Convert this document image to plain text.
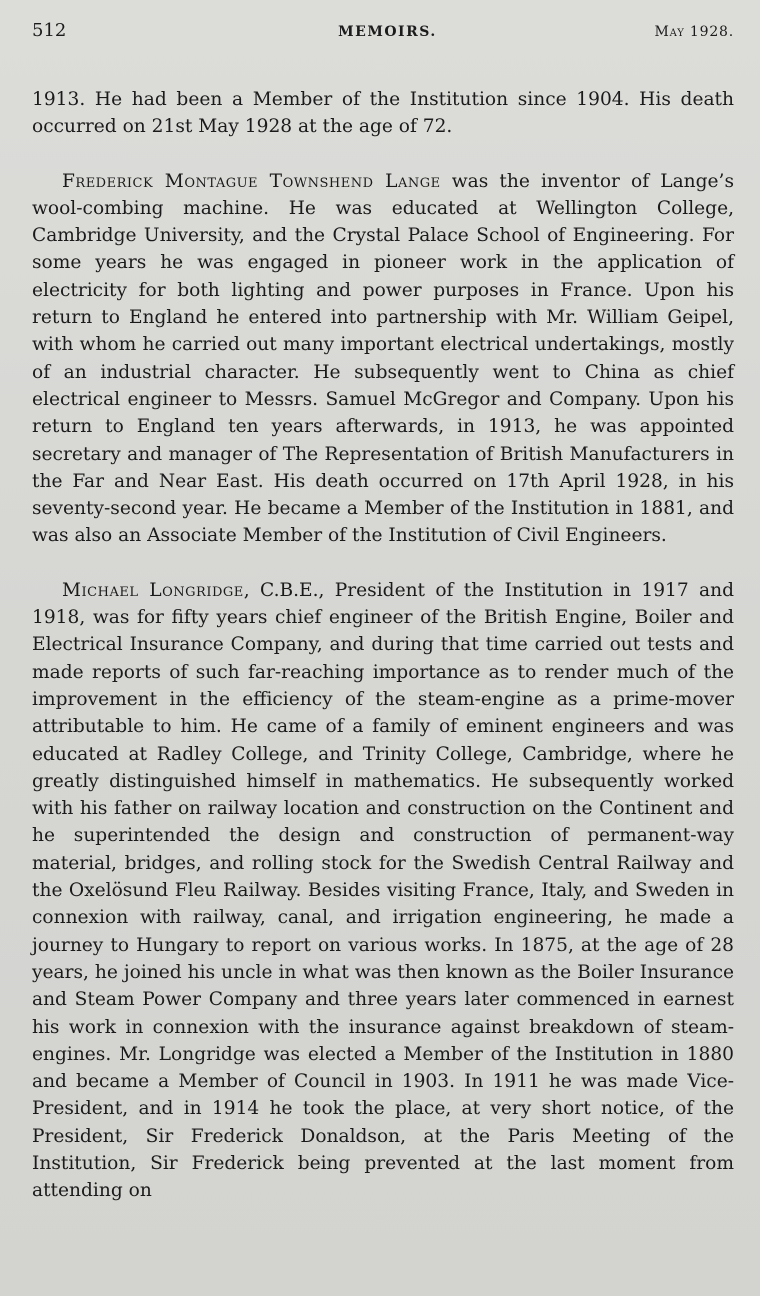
512	MEMOIRS.	May 1928.

1913. He had been a Member of the Institution since 1904. His death occurred on 21st May 1928 at the age of 72.

Frederick Montague Townshend Lange was the inventor of Lange’s wool-combing machine. He was educated at Wellington College, Cambridge University, and the Crystal Palace School of Engineering. For some years he was engaged in pioneer work in the application of electricity for both lighting and power purposes in France. Upon his return to England he entered into partnership with Mr. William Geipel, with whom he carried out many important electrical undertakings, mostly of an industrial character. He subsequently went to China as chief electrical engineer to Messrs. Samuel McGregor and Company. Upon his return to England ten years afterwards, in 1913, he was appointed secretary and manager of The Representation of British Manufacturers in the Far and Near East. His death occurred on 17th April 1928, in his seventy-second year. He became a Member of the Institution in 1881, and was also an Associate Member of the Institution of Civil Engineers.

Michael Longridge, C.B.E., President of the Institution in 1917 and 1918, was for fifty years chief engineer of the British Engine, Boiler and Electrical Insurance Company, and during that time carried out tests and made reports of such far-reaching importance as to render much of the improvement in the efficiency of the steam-engine as a prime-mover attributable to him. He came of a family of eminent engineers and was educated at Radley College, and Trinity College, Cambridge, where he greatly distinguished himself in mathematics. He subsequently worked with his father on railway location and construction on the Continent and he superintended the design and construction of permanent-way material, bridges, and rolling stock for the Swedish Central Railway and the Oxelösund Fleu Railway. Besides visiting France, Italy, and Sweden in connexion with railway, canal, and irrigation engineering, he made a journey to Hungary to report on various works. In 1875, at the age of 28 years, he joined his uncle in what was then known as the Boiler Insurance and Steam Power Company and three years later commenced in earnest his work in connexion with the insurance against breakdown of steam-engines. Mr. Longridge was elected a Member of the Institution in 1880 and became a Member of Council in 1903. In 1911 he was made Vice-President, and in 1914 he took the place, at very short notice, of the President, Sir Frederick Donaldson, at the Paris Meeting of the Institution, Sir Frederick being prevented at the last moment from attending on
